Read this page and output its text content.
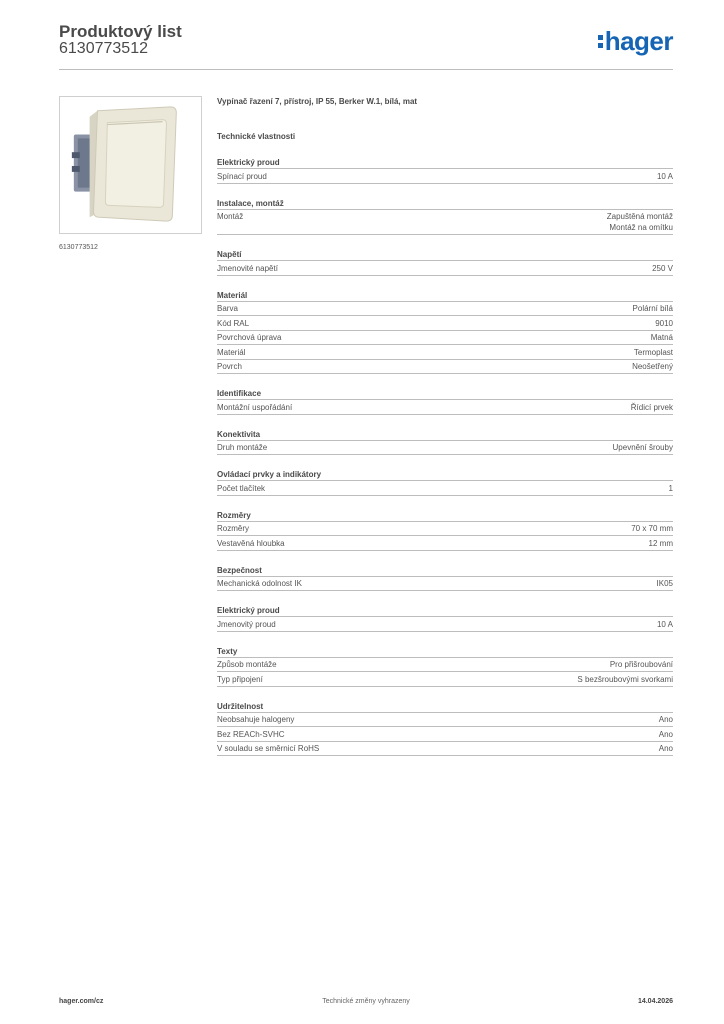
Produktový list
6130773512	hager
6130773512
Vypínač řazení 7, přístroj, IP 55, Berker W.1, bílá, mat
Technické vlastnosti
Elektrický proud
Spínací proud	10 A
Instalace, montáž
Montáž	Zapuštěná montáž
Montáž na omítku
Napětí
Jmenovité napětí	250 V
Materiál
Barva	Polární bílá
Kód RAL	9010
Povrchová úprava	Matná
Materiál	Termoplast
Povrch	Neošetřený
Identifikace
Montážní uspořádání	Řídicí prvek
Konektivita
Druh montáže	Upevnění šrouby
Ovládací prvky a indikátory
Počet tlačítek	1
Rozměry
Rozměry	70 x 70 mm
Vestavěná hloubka	12 mm
Bezpečnost
Mechanická odolnost IK	IK05
Elektrický proud
Jmenovitý proud	10 A
Texty
Způsob montáže	Pro přišroubování
Typ připojení	S bezšroubovými svorkami
Udržitelnost
Neobsahuje halogeny	Ano
Bez REACh-SVHC	Ano
V souladu se směrnicí RoHS	Ano
Technické změny vyhrazeny
hager.com/cz	14.04.2026
